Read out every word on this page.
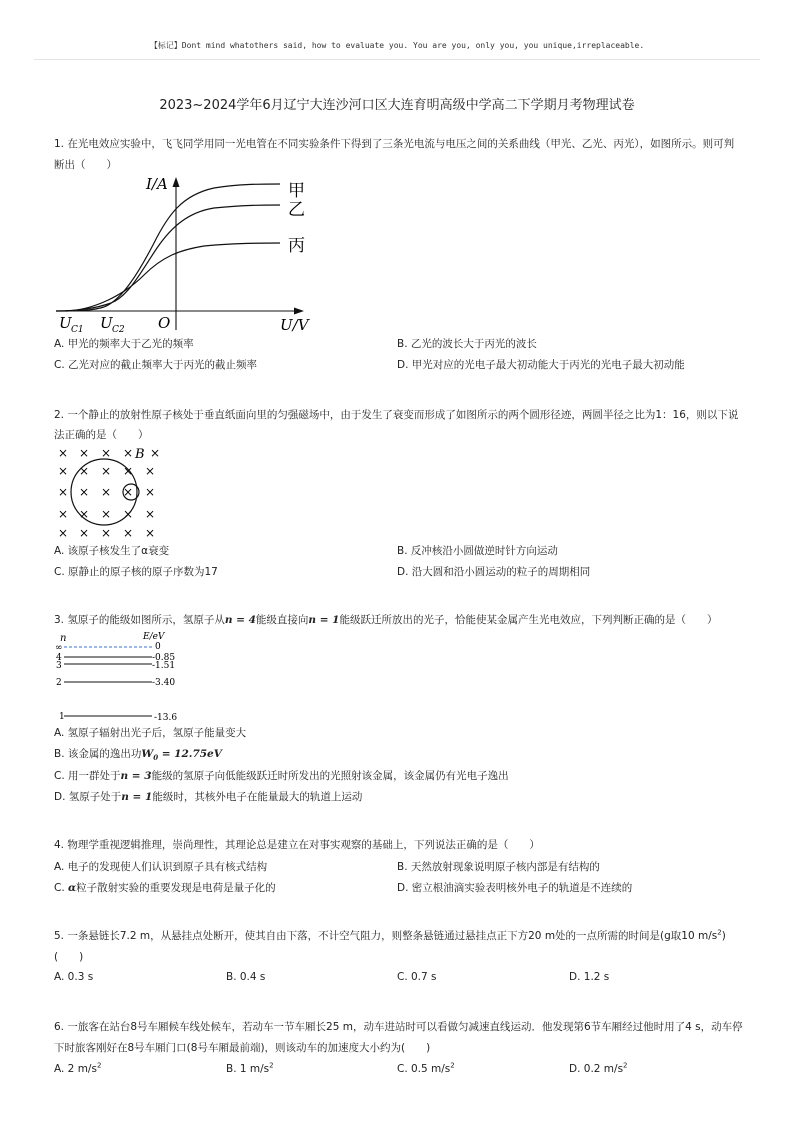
【标记】Dont mind whatothers said, how to evaluate you. You are you, only you, you unique,irreplaceable.
2023~2024学年6月辽宁大连沙河口区大连育明高级中学高二下学期月考物理试卷
1. 在光电效应实验中，飞飞同学用同一光电管在不同实验条件下得到了三条光电流与电压之间的关系曲线（甲光、乙光、丙光），如图所示。则可判
断出（　　）
I/A
U/V
O
U C1 U C2
甲
乙
丙
A. 甲光的频率大于乙光的频率	B. 乙光的波长大于丙光的波长
C. 乙光对应的截止频率大于丙光的截止频率	D. 甲光对应的光电子最大初动能大于丙光的光电子最大初动能
2. 一个静止的放射性原子核处于垂直纸面向里的匀强磁场中，由于发生了衰变而形成了如图所示的两个圆形径迹，两圆半径之比为1：16，则以下说
法正确的是（　　）
× × × ×
× × × × ×
× × × × ×
× × × × ×
× × × × ×
×
B
A. 该原子核发生了α衰变	B. 反冲核沿小圆做逆时针方向运动
C. 原静止的原子核的原子序数为17	D. 沿大圆和沿小圆运动的粒子的周期相同
3. 氢原子的能级如图所示，氢原子从n = 4能级直接向n = 1能级跃迁所放出的光子，恰能使某金属产生光电效应，下列判断正确的是（　　）
n	E/eV
∞
4
3
2
1
0
-0.85
-1.51
-3.40
-13.6
A. 氢原子辐射出光子后，氢原子能量变大
B. 该金属的逸出功$W_0 = 12.75eV$
C. 用一群处于n = 3能级的氢原子向低能级跃迁时所发出的光照射该金属，该金属仍有光电子逸出
D. 氢原子处于n = 1能级时，其核外电子在能量最大的轨道上运动
4. 物理学重视逻辑推理，崇尚理性，其理论总是建立在对事实观察的基础上，下列说法正确的是（　　）
A. 电子的发现使人们认识到原子具有核式结构	B. 天然放射现象说明原子核内部是有结构的
C. α粒子散射实验的重要发现是电荷是量子化的	D. 密立根油滴实验表明核外电子的轨道是不连续的
5. 一条悬链长7.2 m，从悬挂点处断开，使其自由下落，不计空气阻力，则整条悬链通过悬挂点正下方20 m处的一点所需的时间是(g取10 $m/s^2$)
(　　)
A. 0.3 s	B. 0.4 s	C. 0.7 s	D. 1.2 s
6. 一旅客在站台8号车厢候车线处候车，若动车一节车厢长25 m，动车进站时可以看做匀减速直线运动．他发现第6节车厢经过他时用了4 s，动车停
下时旅客刚好在8号车厢门口(8号车厢最前端)，则该动车的加速度大小约为(　　)
A. 2 $m/s^2$	B. 1 $m/s^2$	C. 0.5 $m/s^2$	D. 0.2 $m/s^2$
